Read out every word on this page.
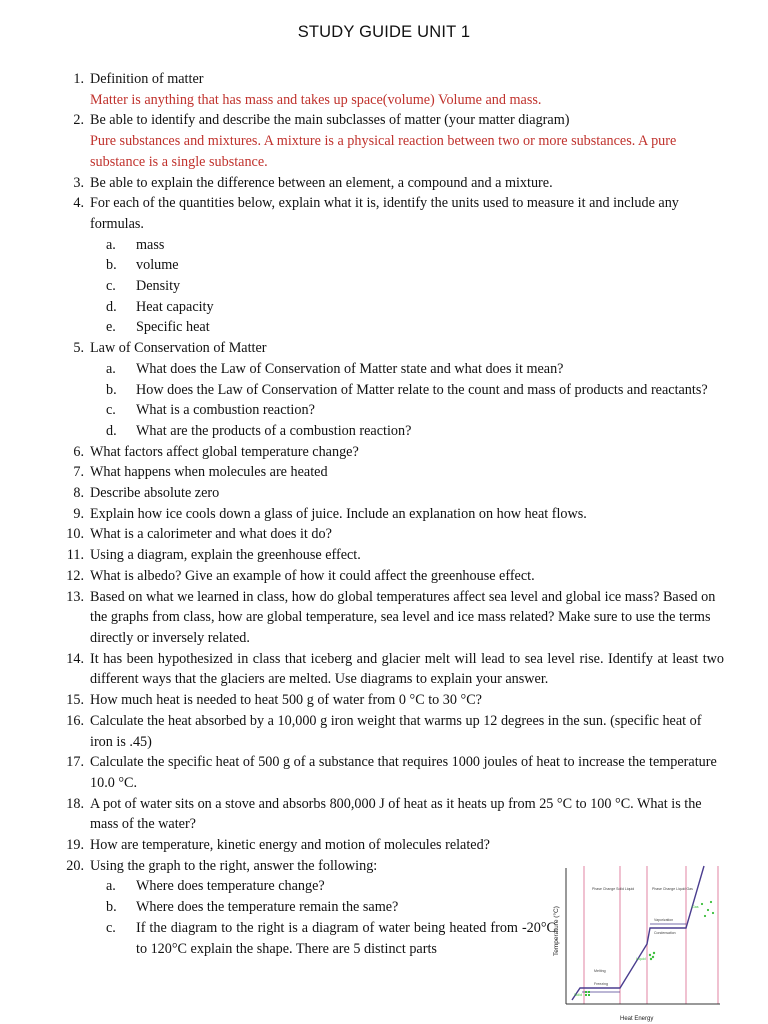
STUDY GUIDE UNIT 1
1. Definition of matter
Matter is anything that has mass and takes up space(volume) Volume and mass.
2. Be able to identify and describe the main subclasses of matter (your matter diagram)
Pure substances and mixtures. A mixture is a physical reaction between two or more substances. A pure substance is a single substance.
3. Be able to explain the difference between an element, a compound and a mixture.
4. For each of the quantities below, explain what it is, identify the units used to measure it and include any formulas.
a.	mass
b.	volume
c.	Density
d.	Heat capacity
e.	Specific heat
5. Law of Conservation of Matter
a.	What does the Law of Conservation of Matter state and what does it mean?
b.	How does the Law of Conservation of Matter relate to the count and mass of products and reactants?
c.	What is a combustion reaction?
d.	What are the products of a combustion reaction?
6. What factors affect global temperature change?
7. What happens when molecules are heated
8. Describe absolute zero
9. Explain how ice cools down a glass of juice. Include an explanation on how heat flows.
10. What is a calorimeter and what does it do?
11. Using a diagram, explain the greenhouse effect.
12. What is albedo? Give an example of how it could affect the greenhouse effect.
13. Based on what we learned in class, how do global temperatures affect sea level and global ice mass? Based on the graphs from class, how are global temperature, sea level and ice mass related? Make sure to use the terms directly or inversely related.
14. It has been hypothesized in class that iceberg and glacier melt will lead to sea level rise. Identify at least two different ways that the glaciers are melted. Use diagrams to explain your answer.
15. How much heat is needed to heat 500 g of water from 0 °C to 30 °C?
16. Calculate the heat absorbed by a 10,000 g iron weight that warms up 12 degrees in the sun. (specific heat of iron is .45)
17. Calculate the specific heat of 500 g of a substance that requires 1000 joules of heat to increase the temperature 10.0 °C.
18. A pot of water sits on a stove and absorbs 800,000 J of heat as it heats up from 25 °C to 100 °C. What is the mass of the water?
19. How are temperature, kinetic energy and motion of molecules related?
20. Using the graph to the right, answer the following:
a.	Where does temperature change?
b.	Where does the temperature remain the same?
c.	If the diagram to the right is a diagram of water being heated from -20°C to 120°C explain the shape. There are 5 distinct parts
Phase Change Solid Liquid	Phase Change Liquid Gas
Vaporization
Condensation
Melting
Freezing
Gas
Liquid
Solid
Temperature (°C)
Heat Energy
